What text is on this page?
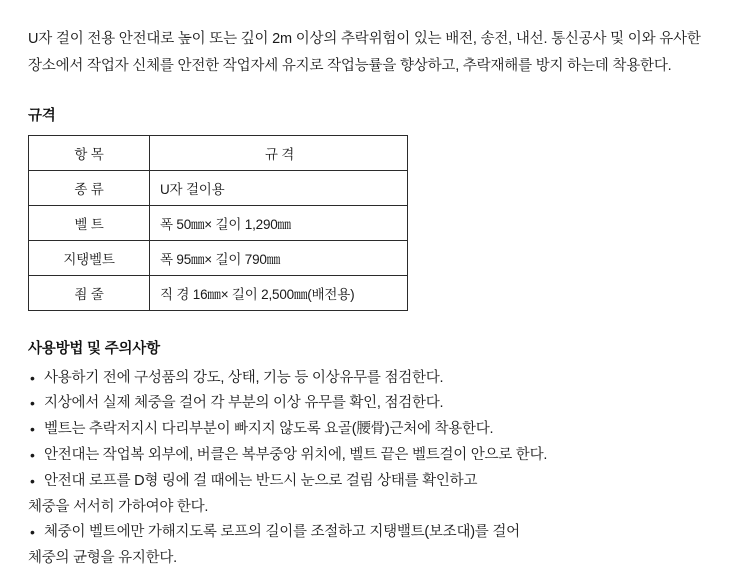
U자 걸이 전용 안전대로 높이 또는 깊이 2m 이상의 추락위험이 있는 배전, 송전, 내선. 통신공사 및 이와 유사한 장소에서 작업자 신체를 안전한 작업자세 유지로 작업능률을 향상하고, 추락재해를 방지 하는데 착용한다.

규격
항 목	규 격
종 류	U자 걸이용
벨 트	폭 50㎜× 길이 1,290㎜
지탱벨트	폭 95㎜× 길이 790㎜
죔 줄	직 경 16㎜× 길이 2,500㎜(배전용)
사용방법 및 주의사항
• 사용하기 전에 구성품의 강도, 상태, 기능 등 이상유무를 점검한다.
• 지상에서 실제 체중을 걸어 각 부분의 이상 유무를 확인, 점검한다.
• 벨트는 추락저지시 다리부분이 빠지지 않도록 요골(腰骨)근처에 착용한다.
• 안전대는 작업복 외부에, 버클은 복부중앙 위치에, 벨트 끝은 벨트걸이 안으로 한다.
• 안전대 로프를 D형 링에 걸 때에는 반드시 눈으로 걸림 상태를 확인하고
체중을 서서히 가하여야 한다.
• 체중이 벨트에만 가해지도록 로프의 길이를 조절하고 지탱밸트(보조대)를 걸어
체중의 균형을 유지한다.
